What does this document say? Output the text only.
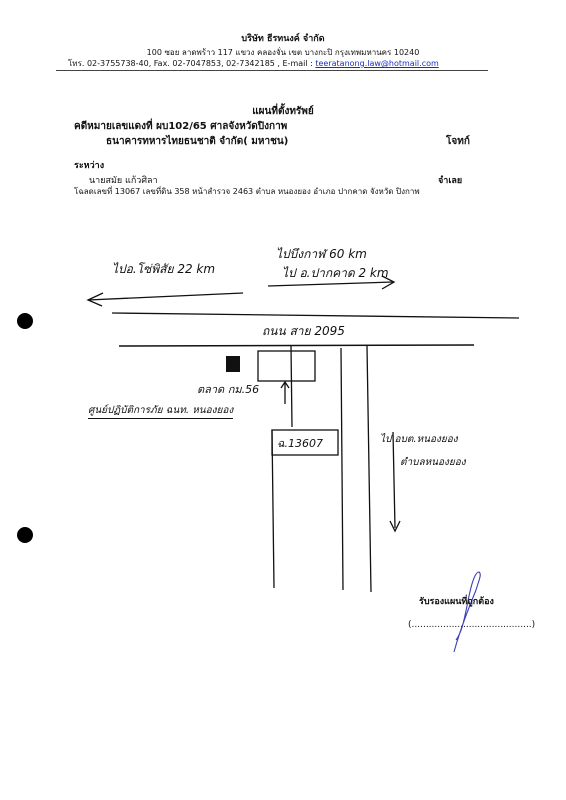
บริษัท ธีรทนงค์ จำกัด
100 ซอย ลาดพร้าว 117 แขวง คลองจั่น เขต บางกะปิ กรุงเทพมหานคร 10240
โทร. 02-3755738-40, Fax. 02-7047853, 02-7342185 , E-mail : teeratanong.law@hotmail.com
แผนที่ตั้งทรัพย์
คดีหมายเลขแดงที่ ผบ102/65 ศาลจังหวัดปิงกาพ
ธนาคารทหารไทยธนชาติ จำกัด( มหาชน)	โจทก์
ระหว่าง
นายสมัย แก้วศิลา	จำเลย
โฉลดเลขที่ 13067 เลขที่ดิน 358 หน้าสำรวจ 2463 ตำบล หนองยอง อำเภอ ปากคาด จังหวัด ปิงกาพ
ไปอ.โซ่พิสัย 22 km
ไปบึงกาฬ 60 km
ไป อ.ปากคาด 2 km
ถนน สาย 2095
ตลาด กม.56
ศูนย์ปฏิบัติการภัย ฉนท. หนองยอง
ฉ.13607	ไป อบต.หนองยอง
ตำบลหนองยอง
รับรองแผนที่ถูกต้อง
(..........................................)
